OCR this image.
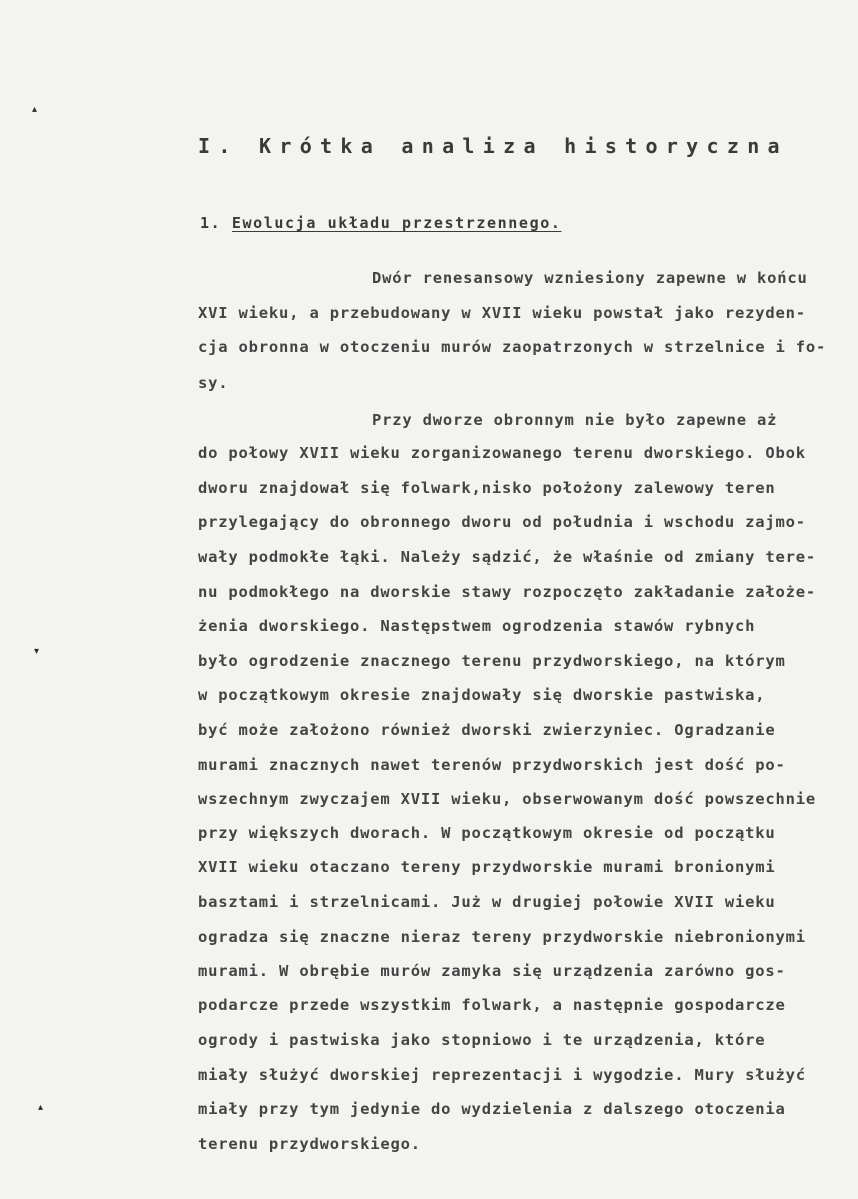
▴
▾
▴
I. Krótka analiza historyczna
1. Ewolucja układu przestrzennego.
Dwór renesansowy wzniesiony zapewne w końcu
XVI wieku, a przebudowany w XVII wieku powstał jako rezyden-
cja obronna w otoczeniu murów zaopatrzonych w strzelnice i fo-
sy.
Przy dworze obronnym nie było zapewne aż
do połowy XVII wieku zorganizowanego terenu dworskiego. Obok
dworu znajdował się folwark,nisko położony zalewowy teren
przylegający do obronnego dworu od południa i wschodu zajmo-
wały podmokłe łąki. Należy sądzić, że właśnie od zmiany tere-
nu podmokłego na dworskie stawy rozpoczęto zakładanie założe-
żenia dworskiego. Następstwem ogrodzenia stawów rybnych
było ogrodzenie znacznego terenu przydworskiego, na którym
w początkowym okresie znajdowały się dworskie pastwiska,
być może założono również dworski zwierzyniec. Ogradzanie
murami znacznych nawet terenów przydworskich jest dość po-
wszechnym zwyczajem XVII wieku, obserwowanym dość powszechnie
przy większych dworach. W początkowym okresie od początku
XVII wieku otaczano tereny przydworskie murami bronionymi
basztami i strzelnicami. Już w drugiej połowie XVII wieku
ogradza się znaczne nieraz tereny przydworskie niebronionymi
murami. W obrębie murów zamyka się urządzenia zarówno gos-
podarcze przede wszystkim folwark, a następnie gospodarcze
ogrody i pastwiska jako stopniowo i te urządzenia, które
miały służyć dworskiej reprezentacji i wygodzie. Mury służyć
miały przy tym jedynie do wydzielenia z dalszego otoczenia
terenu przydworskiego.
